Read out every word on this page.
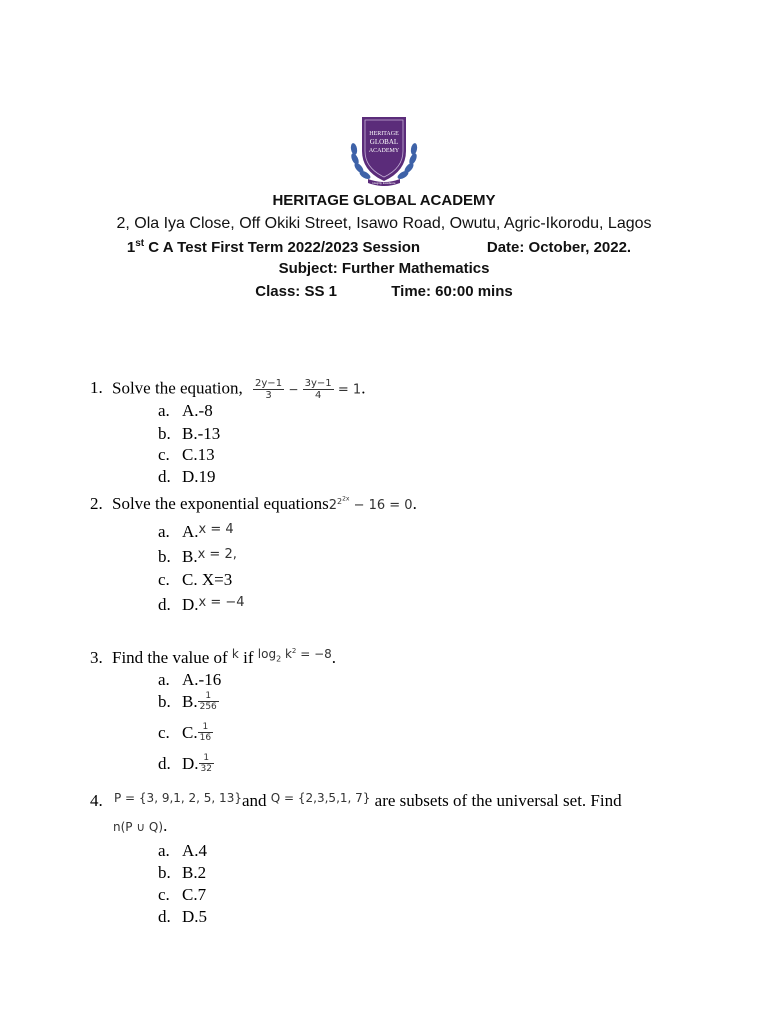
HERITAGE
GLOBAL
ACADEMY
Integrity, Excellence
HERITAGE GLOBAL ACADEMY
2, Ola Iya Close, Off Okiki Street, Isawo Road, Owutu, Agric-Ikorodu, Lagos
1st C A Test First Term 2022/2023 Session	Date: October, 2022.
Subject: Further Mathematics
Class: SS 1	Time: 60:00 mins
1. Solve the equation, $\frac{2y-1}{3} - \frac{3y-1}{4} = 1$.
a. A.-8
b. B.-13
c. C.13
d. D.19
2. Solve the exponential $equations2^{2^{2x}} - 16 = 0$.
a. A.$^{x = 4}$
b. B.$^{x = 2,}$
c. C. X=3
d. D.$^{x = -4}$
3. Find the value of $^k$ if $^{log_2 k^2 = -8}$.
a. A.-16
b. B. $\frac{1}{256}$
c. C. $\frac{1}{16}$
d. D. $\frac{1}{32}$
4. $^{P = \{3, 9,1, 2, 5, 13\}}$and $^{Q = \{2,3,5,1, 7\}}$ are subsets of the universal set. Find
n(P ∪ Q).
a. A.4
b. B.2
c. C.7
d. D.5
